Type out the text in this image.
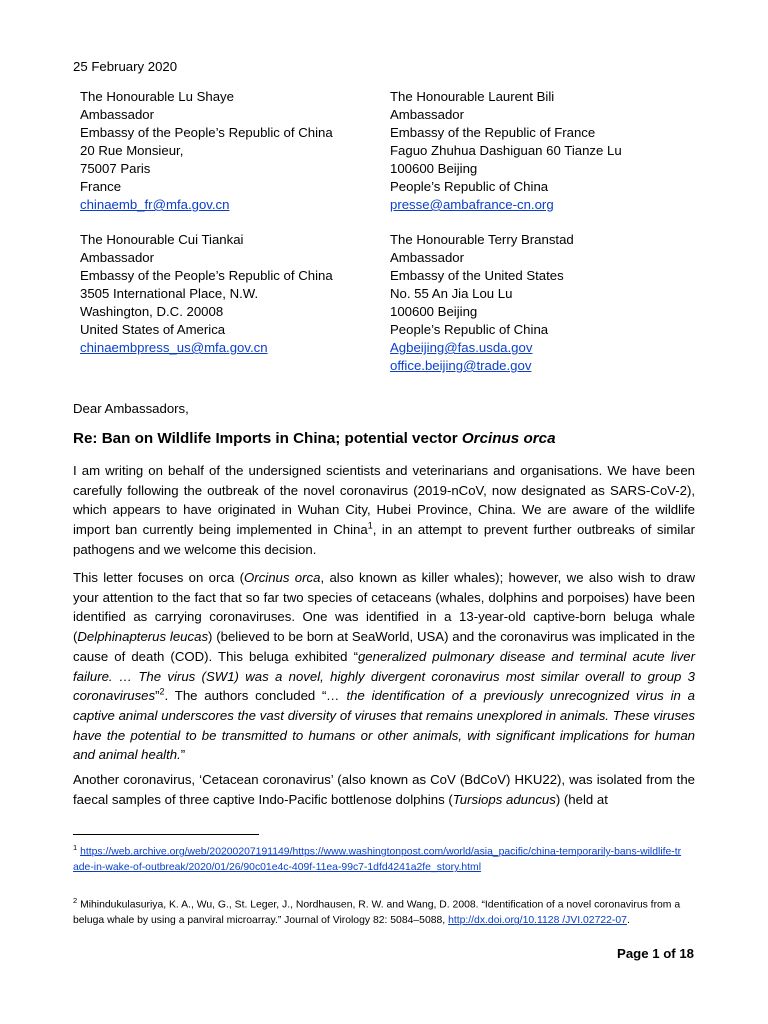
25 February 2020
The Honourable Lu Shaye
Ambassador
Embassy of the People’s Republic of China
20 Rue Monsieur,
75007 Paris
France
chinaemb_fr@mfa.gov.cn
The Honourable Laurent Bili
Ambassador
Embassy of the Republic of France
Faguo Zhuhua Dashiguan 60 Tianze Lu
100600 Beijing
People’s Republic of China
presse@ambafrance-cn.org
The Honourable Cui Tiankai
Ambassador
Embassy of the People’s Republic of China
3505 International Place, N.W.
Washington, D.C. 20008
United States of America
chinaembpress_us@mfa.gov.cn
The Honourable Terry Branstad
Ambassador
Embassy of the United States
No. 55 An Jia Lou Lu
100600 Beijing
People’s Republic of China
Agbeijing@fas.usda.gov
office.beijing@trade.gov
Dear Ambassadors,
Re: Ban on Wildlife Imports in China; potential vector Orcinus orca
I am writing on behalf of the undersigned scientists and veterinarians and organisations. We have been carefully following the outbreak of the novel coronavirus (2019-nCoV, now designated as SARS-CoV-2), which appears to have originated in Wuhan City, Hubei Province, China. We are aware of the wildlife import ban currently being implemented in China$^1$, in an attempt to prevent further outbreaks of similar pathogens and we welcome this decision.
This letter focuses on orca (Orcinus orca, also known as killer whales); however, we also wish to draw your attention to the fact that so far two species of cetaceans (whales, dolphins and porpoises) have been identified as carrying coronaviruses. One was identified in a 13-year-old captive-born beluga whale (Delphinapterus leucas) (believed to be born at SeaWorld, USA) and the coronavirus was implicated in the cause of death (COD). This beluga exhibited “generalized pulmonary disease and terminal acute liver failure. … The virus (SW1) was a novel, highly divergent coronavirus most similar overall to group 3 coronaviruses”$^2$. The authors concluded “… the identification of a previously unrecognized virus in a captive animal underscores the vast diversity of viruses that remains unexplored in animals. These viruses have the potential to be transmitted to humans or other animals, with significant implications for human and animal health.”
Another coronavirus, ‘Cetacean coronavirus’ (also known as CoV (BdCoV) HKU22), was isolated from the faecal samples of three captive Indo-Pacific bottlenose dolphins (Tursiops aduncus) (held at
$^1$ https://web.archive.org/web/20200207191149/https://www.washingtonpost.com/world/asia_pacific/china-temporarily-bans-wildlife-trade-in-wake-of-outbreak/2020/01/26/90c01e4c-409f-11ea-99c7-1dfd4241a2fe_story.html
$^2$ Mihindukulasuriya, K. A., Wu, G., St. Leger, J., Nordhausen, R. W. and Wang, D. 2008. “Identification of a novel coronavirus from a beluga whale by using a panviral microarray.” Journal of Virology 82: 5084–5088, http://dx.doi.org/10.1128 /JVI.02722-07.
Page 1 of 18
